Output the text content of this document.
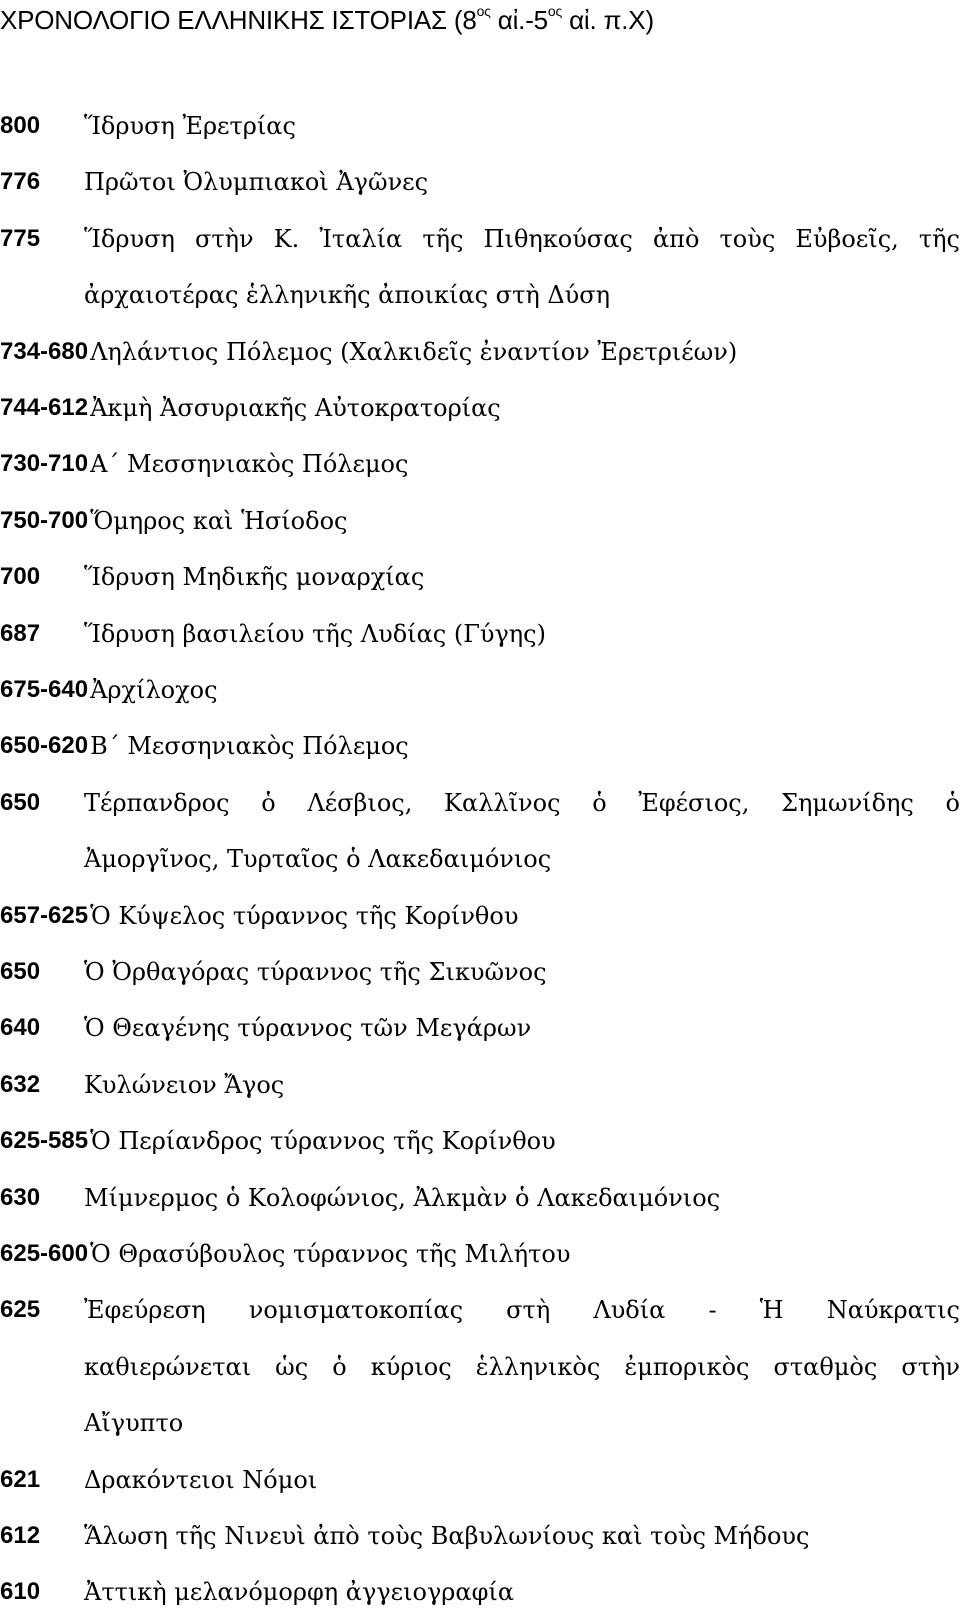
ΧΡΟΝΟΛΟΓΙΟ ΕΛΛΗΝΙΚΗΣ ΙΣΤΟΡΙΑΣ ($8^{o\varsigma}$ $\alpha ἰ.-5^{o\varsigma}$ αἰ. π.Χ)
800	Ἵδρυση Ἐρετρίας
776	Πρῶτοι Ὀλυμπιακοὶ Ἀγῶνες
775	Ἵδρυση στὴν Κ. Ἰταλία τῆς Πιθηκούσας ἀπὸ τοὺς Εὐβοεῖς, τῆς
ἀρχαιοτέρας ἑλληνικῆς ἀποικίας στὴ Δύση
734-680 Ληλάντιος Πόλεμος (Χαλκιδεῖς ἐναντίον Ἐρετριέων)
744-612 Ἀκμὴ Ἀσσυριακῆς Αὐτοκρατορίας
730-710 Α΄ Μεσσηνιακὸς Πόλεμος
750-700 Ὅμηρος καὶ Ἡσίοδος
700	Ἵδρυση Μηδικῆς μοναρχίας
687	Ἵδρυση βασιλείου τῆς Λυδίας (Γύγης)
675-640 Ἀρχίλοχος
650-620 Β΄ Μεσσηνιακὸς Πόλεμος
650	Τέρπανδρος ὁ Λέσβιος, Καλλῖνος ὁ Ἐφέσιος, Σημωνίδης ὁ
Ἀμοργῖνος, Τυρταῖος ὁ Λακεδαιμόνιος
657-625 Ὁ Κύψελος τύραννος τῆς Κορίνθου
650	Ὁ Ὀρθαγόρας τύραννος τῆς Σικυῶνος
640	Ὁ Θεαγένης τύραννος τῶν Μεγάρων
632	Κυλώνειον Ἄγος
625-585 Ὁ Περίανδρος τύραννος τῆς Κορίνθου
630	Μίμνερμος ὁ Κολοφώνιος, Ἀλκμὰν ὁ Λακεδαιμόνιος
625-600 Ὁ Θρασύβουλος τύραννος τῆς Μιλήτου
625	Ἐφεύρεση νομισματοκοπίας στὴ Λυδία - Ἡ Ναύκρατις
καθιερώνεται ὡς ὁ κύριος ἑλληνικὸς ἐμπορικὸς σταθμὸς στὴν
Αἴγυπτο
621	Δρακόντειοι Νόμοι
612	Ἅλωση τῆς Νινευὶ ἀπὸ τοὺς Βαβυλωνίους καὶ τοὺς Μήδους
610	Ἀττικὴ μελανόμορφη ἀγγειογραφία
